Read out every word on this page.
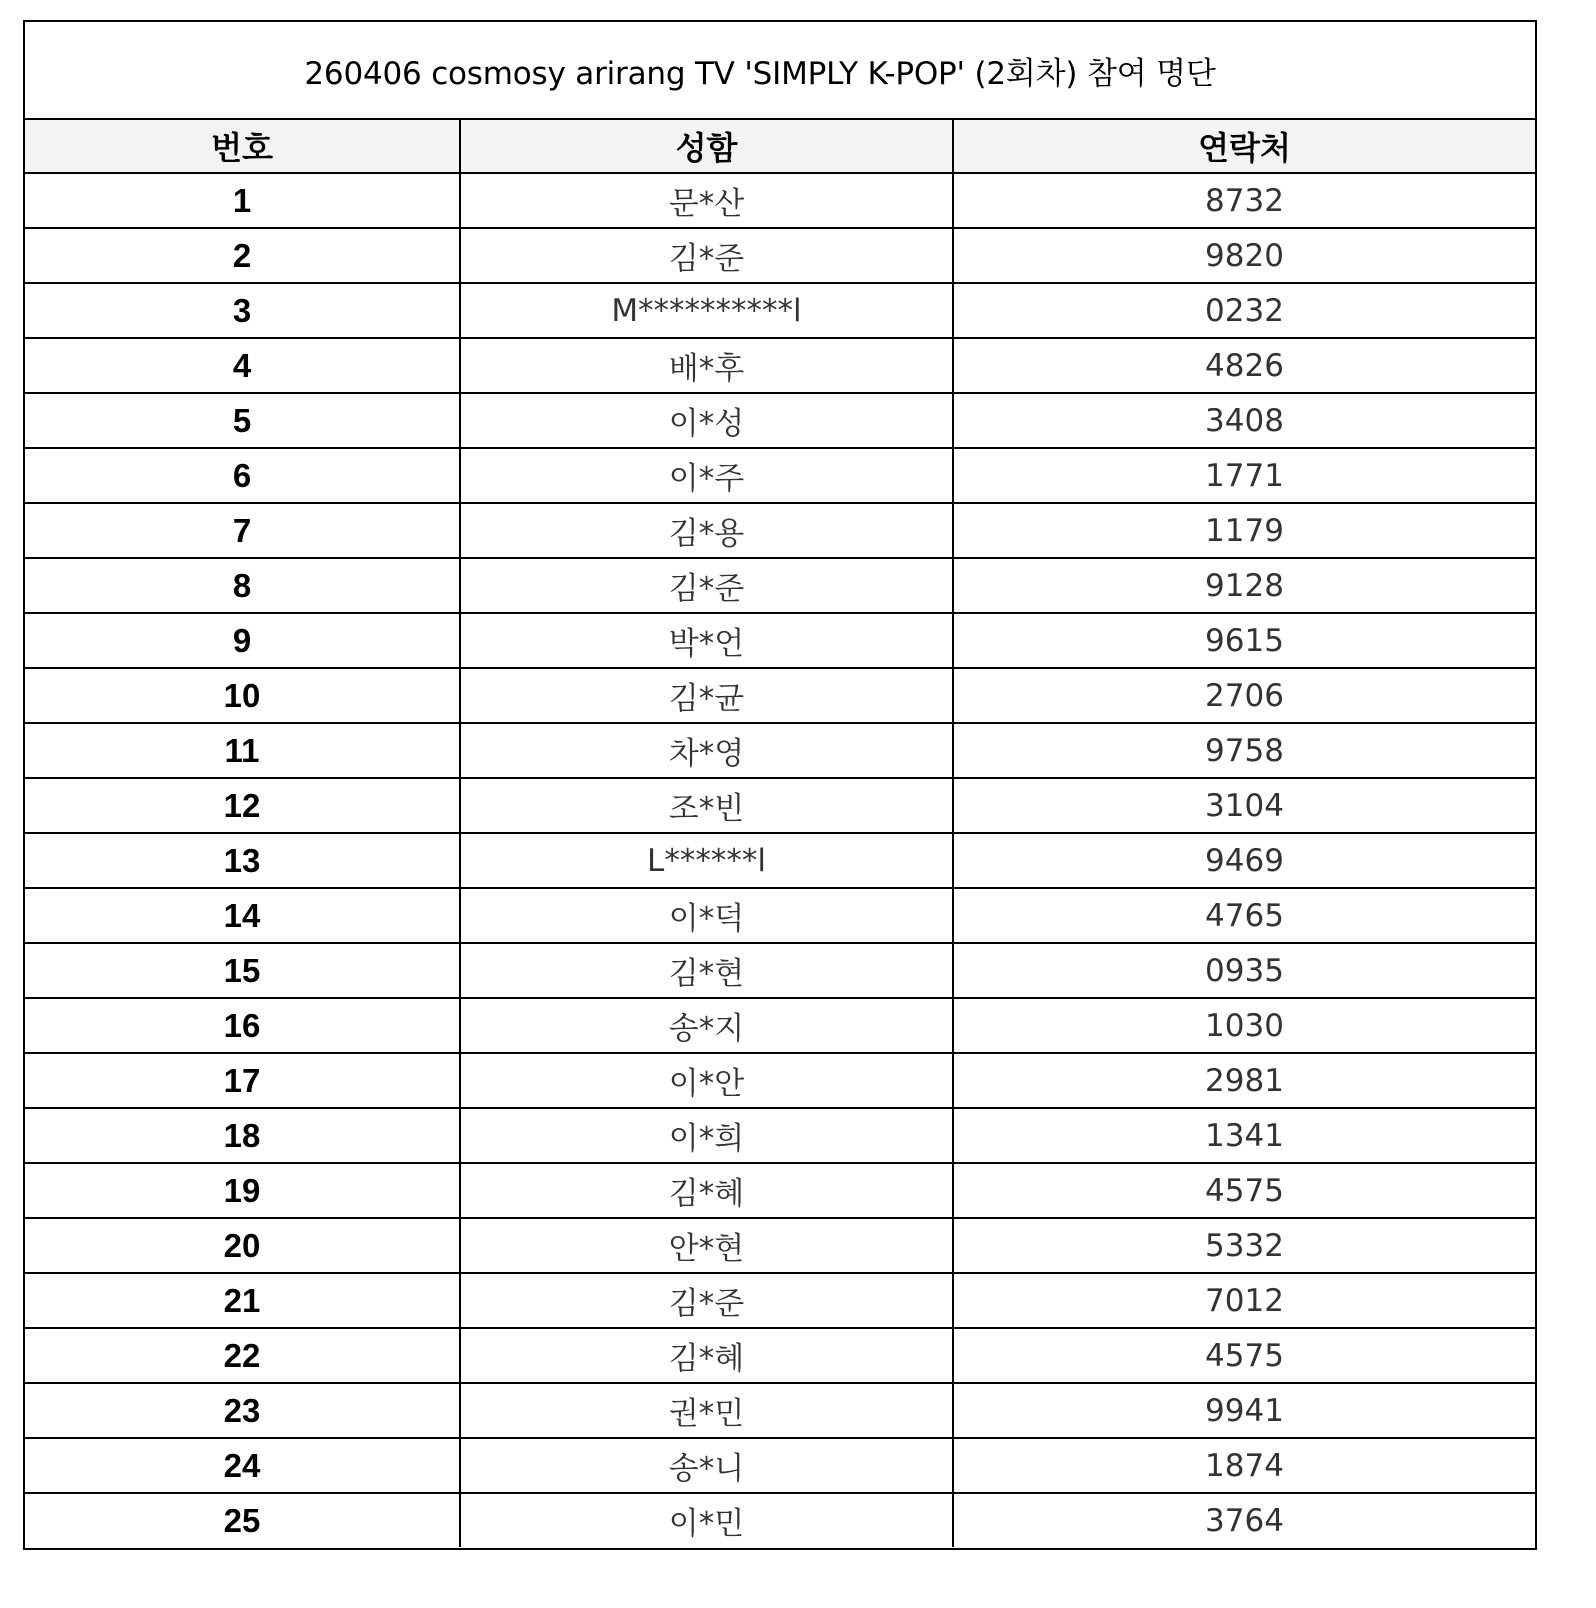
260406 cosmosy arirang TV 'SIMPLY K-POP' (2회차) 참여 명단
번호	성함	연락처
1	문*산	8732
2	김*준	9820
3	M**********l	0232
4	배*후	4826
5	이*성	3408
6	이*주	1771
7	김*용	1179
8	김*준	9128
9	박*언	9615
10	김*균	2706
11	차*영	9758
12	조*빈	3104
13	L******l	9469
14	이*덕	4765
15	김*현	0935
16	송*지	1030
17	이*안	2981
18	이*희	1341
19	김*혜	4575
20	안*현	5332
21	김*준	7012
22	김*혜	4575
23	권*민	9941
24	송*니	1874
25	이*민	3764
